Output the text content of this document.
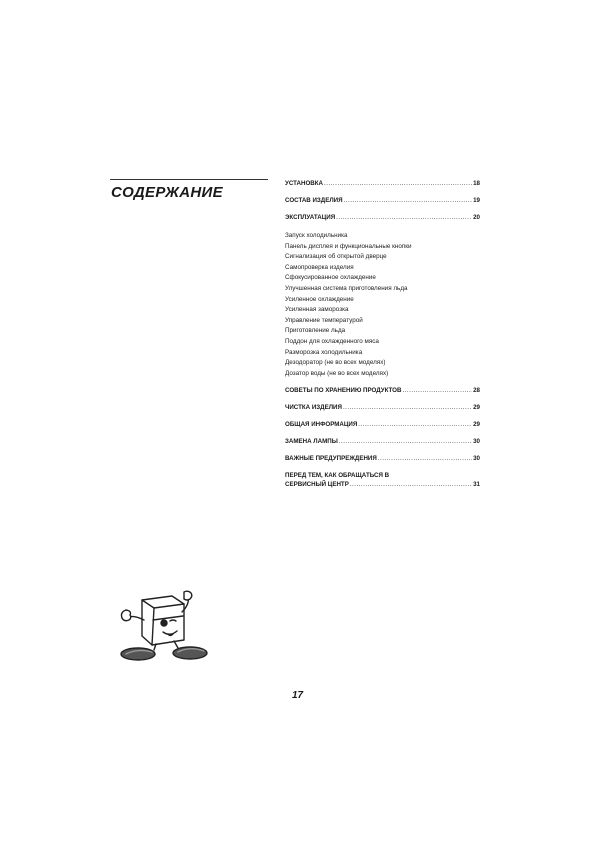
СОДЕРЖАНИЕ
УСТАНОВКА .....	18
СОСТАВ ИЗДЕЛИЯ .....	19
ЭКСПЛУАТАЦИЯ .....	20
Запуск холодильника
Панель дисплея и функциональные кнопки
Сигнализация об открытой дверце
Самопроверка изделия
Сфокусированное охлаждение
Улучшенная система приготовления льда
Усиленное охлаждение
Усиленная заморозка
Управление температурой
Приготовление льда
Поддон для охлажденного мяса
Разморозка холодильника
Дезодоратор (не во всех моделях)
Дозатор воды (не во всех моделях)
СОВЕТЫ ПО ХРАНЕНИЮ ПРОДУКТОВ .....	28
ЧИСТКА ИЗДЕЛИЯ .....	29
ОБЩАЯ ИНФОРМАЦИЯ .....	29
ЗАМЕНА ЛАМПЫ .....	30
ВАЖНЫЕ ПРЕДУПРЕЖДЕНИЯ .....	30
ПЕРЕД ТЕМ, КАК ОБРАЩАТЬСЯ В
СЕРВИСНЫЙ ЦЕНТР .....	31
17
